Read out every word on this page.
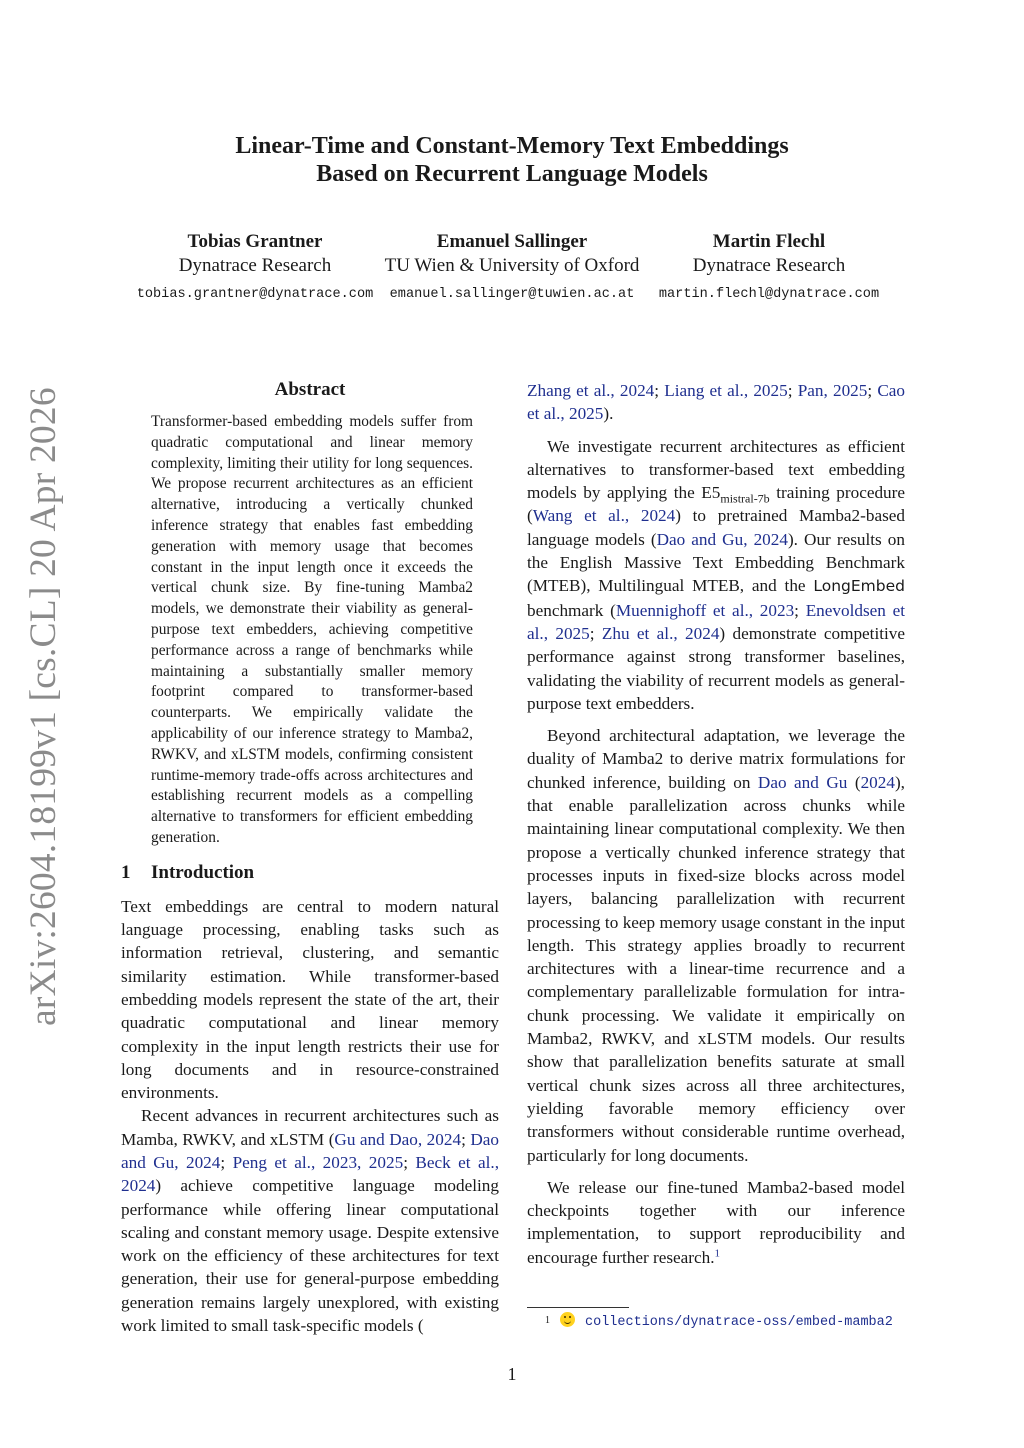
arXiv:2604.18199v1 [cs.CL] 20 Apr 2026
Linear-Time and Constant-Memory Text Embeddings
Based on Recurrent Language Models
Tobias Grantner
Dynatrace Research
tobias.grantner@dynatrace.com
Emanuel Sallinger
TU Wien & University of Oxford
emanuel.sallinger@tuwien.ac.at
Martin Flechl
Dynatrace Research
martin.flechl@dynatrace.com
Abstract

Transformer-based embedding models suffer from quadratic computational and linear memory complexity, limiting their utility for long sequences. We propose recurrent architectures as an efficient alternative, introducing a vertically chunked inference strategy that enables fast embedding generation with memory usage that becomes constant in the input length once it exceeds the vertical chunk size. By fine-tuning Mamba2 models, we demonstrate their viability as general-purpose text embedders, achieving competitive performance across a range of benchmarks while maintaining a substantially smaller memory footprint compared to transformer-based counterparts. We empirically validate the applicability of our inference strategy to Mamba2, RWKV, and xLSTM models, confirming consistent runtime-memory trade-offs across architectures and establishing recurrent models as a compelling alternative to transformers for efficient embedding generation.

1 Introduction

Text embeddings are central to modern natural language processing, enabling tasks such as information retrieval, clustering, and semantic similarity estimation. While transformer-based embedding models represent the state of the art, their quadratic computational and linear memory complexity in the input length restricts their use for long documents and in resource-constrained environments.

Recent advances in recurrent architectures such as Mamba, RWKV, and xLSTM (Gu and Dao, 2024; Dao and Gu, 2024; Peng et al., 2023, 2025; Beck et al., 2024) achieve competitive language modeling performance while offering linear computational scaling and constant memory usage. Despite extensive work on the efficiency of these architectures for text generation, their use for general-purpose embedding generation remains largely unexplored, with existing work limited to small task-specific models (

Zhang et al., 2024; Liang et al., 2025; Pan, 2025; Cao et al., 2025).

We investigate recurrent architectures as efficient alternatives to transformer-based text embedding models by applying the $E5_{mistral-7b}$ training procedure (Wang et al., 2024) to pretrained Mamba2-based language models (Dao and Gu, 2024). Our results on the English Massive Text Embedding Benchmark (MTEB), Multilingual MTEB, and the LongEmbed benchmark (Muennighoff et al., 2023; Enevoldsen et al., 2025; Zhu et al., 2024) demonstrate competitive performance against strong transformer baselines, validating the viability of recurrent models as general-purpose text embedders.

Beyond architectural adaptation, we leverage the duality of Mamba2 to derive matrix formulations for chunked inference, building on Dao and Gu (2024), that enable parallelization across chunks while maintaining linear computational complexity. We then propose a vertically chunked inference strategy that processes inputs in fixed-size blocks across model layers, balancing parallelization with recurrent processing to keep memory usage constant in the input length. This strategy applies broadly to recurrent architectures with a linear-time recurrence and a complementary parallelizable formulation for intra-chunk processing. We validate it empirically on Mamba2, RWKV, and xLSTM models. Our results show that parallelization benefits saturate at small vertical chunk sizes across all three architectures, yielding favorable memory efficiency over transformers without considerable runtime overhead, particularly for long documents.

We release our fine-tuned Mamba2-based model checkpoints together with our inference implementation, to support reproducibility and encourage further research.$^1$

$^1$	collections/dynatrace-oss/embed-mamba2
1
